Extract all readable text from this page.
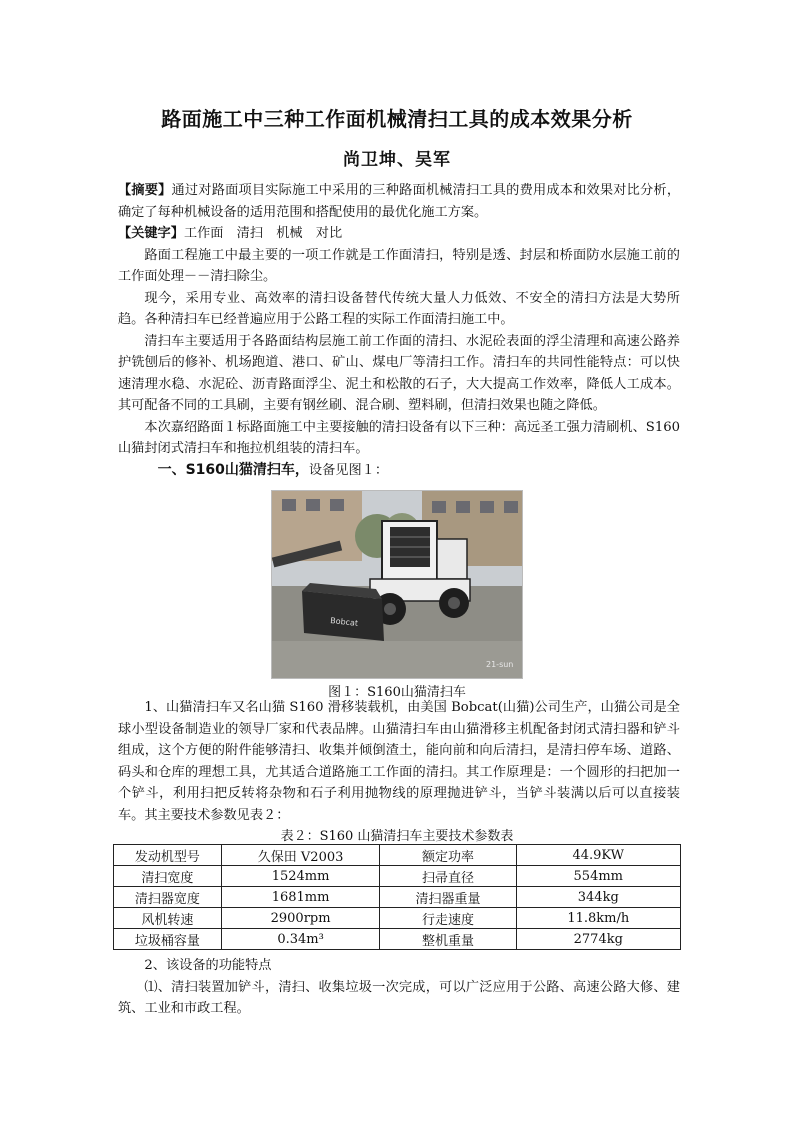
路面施工中三种工作面机械清扫工具的成本效果分析
尚卫坤、吴军

【摘要】通过对路面项目实际施工中采用的三种路面机械清扫工具的费用成本和效果对比分析，确定了每种机械设备的适用范围和搭配使用的最优化施工方案。

【关键字】工作面　清扫　机械　对比

路面工程施工中最主要的一项工作就是工作面清扫，特别是透、封层和桥面防水层施工前的工作面处理－－清扫除尘。

现今，采用专业、高效率的清扫设备替代传统大量人力低效、不安全的清扫方法是大势所趋。各种清扫车已经普遍应用于公路工程的实际工作面清扫施工中。

清扫车主要适用于各路面结构层施工前工作面的清扫、水泥砼表面的浮尘清理和高速公路养护铣刨后的修补、机场跑道、港口、矿山、煤电厂等清扫工作。清扫车的共同性能特点：可以快速清理水稳、水泥砼、沥青路面浮尘、泥土和松散的石子，大大提高工作效率，降低人工成本。其可配备不同的工具刷，主要有钢丝刷、混合刷、塑料刷，但清扫效果也随之降低。

本次嘉绍路面１标路面施工中主要接触的清扫设备有以下三种：高远圣工强力清刷机、S160山猫封闭式清扫车和拖拉机组装的清扫车。

一、S160山猫清扫车，设备见图１：

Bobcat
21-sun
图１：S160山猫清扫车

1、山猫清扫车又名山猫 S160 滑移装载机，由美国 Bobcat(山猫)公司生产，山猫公司是全球小型设备制造业的领导厂家和代表品牌。山猫清扫车由山猫滑移主机配备封闭式清扫器和铲斗组成，这个方便的附件能够清扫、收集并倾倒渣土，能向前和向后清扫，是清扫停车场、道路、码头和仓库的理想工具，尤其适合道路施工工作面的清扫。其工作原理是：一个圆形的扫把加一个铲斗，利用扫把反转将杂物和石子利用抛物线的原理抛进铲斗，当铲斗装满以后可以直接装车。其主要技术参数见表２：

表２：S160 山猫清扫车主要技术参数表
发动机型号	久保田 V2003	额定功率	44.9KW
清扫宽度	1524mm	扫帚直径	554mm
清扫器宽度	1681mm	清扫器重量	344kg
风机转速	2900rpm	行走速度	11.8km/h
垃圾桶容量	0.34m³	整机重量	2774kg

2、该设备的功能特点

⑴、清扫装置加铲斗，清扫、收集垃圾一次完成，可以广泛应用于公路、高速公路大修、建筑、工业和市政工程。
